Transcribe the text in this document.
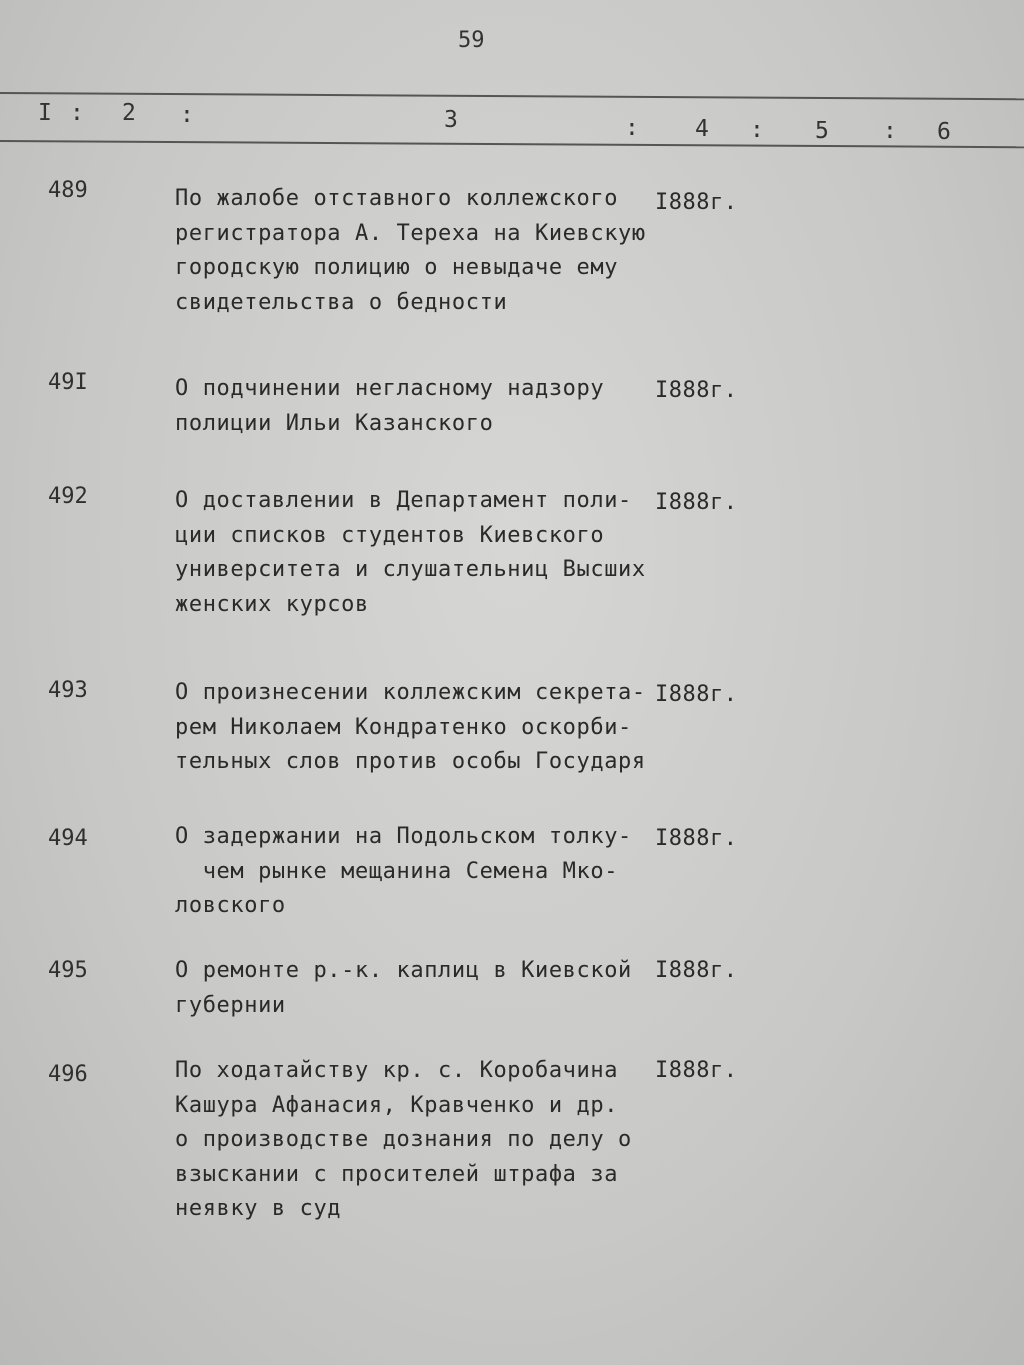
59
I : 2 :	3	: 4 : 5 : 6
489	По жалобе отставного коллежского
регистратора А. Тереха на Киевскую
городскую полицию о невыдаче ему
свидетельства о бедности
I888г.
49I	О подчинении негласному надзору
полиции Ильи Казанского
I888г.
492	О доставлении в Департамент поли-
ции списков студентов Киевского
университета и слушательниц Высших
женских курсов
I888г.
493	О произнесении коллежским секрета-
рем Николаем Кондратенко оскорби-
тельных слов против особы Государя
I888г.
494	О задержании на Подольском толку-
чем рынке мещанина Семена Мко-
ловского
I888г.
495	О ремонте р.-к. каплиц в Киевской
губернии
I888г.
496	По ходатайству кр. с. Коробачина
Кашура Афанасия, Кравченко и др.
о производстве дознания по делу о
взыскании с просителей штрафа за
неявку в суд
I888г.
